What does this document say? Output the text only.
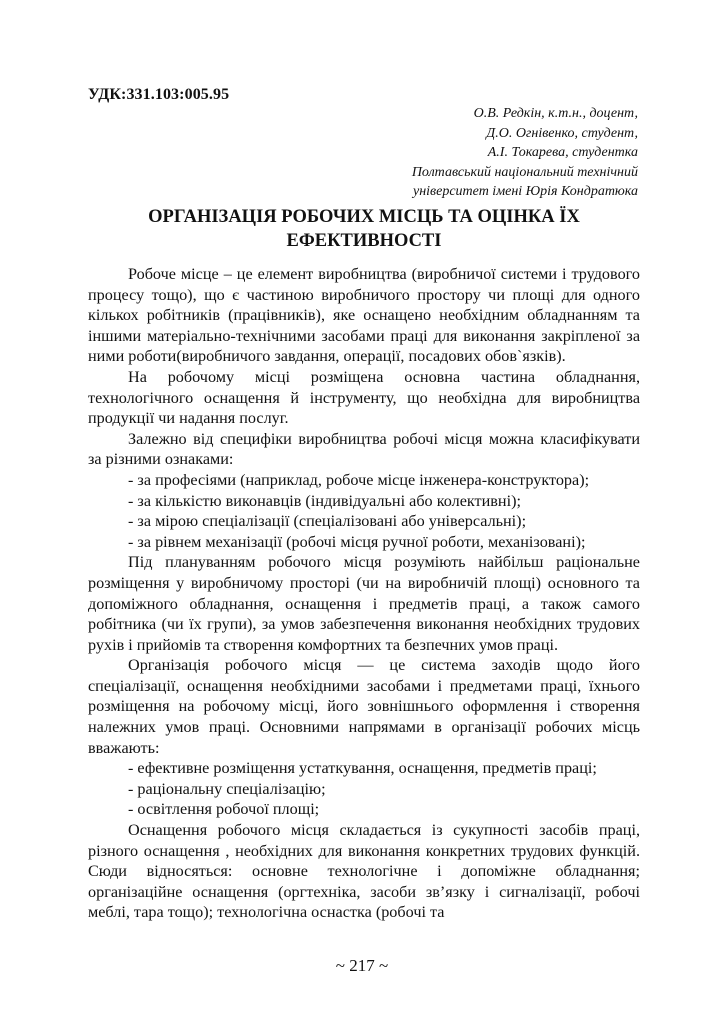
УДК:331.103:005.95
О.В. Редкін, к.т.н., доцент,
Д.О. Огнівенко, студент,
А.І. Токарева, студентка
Полтавський національний технічний
університет імені Юрія Кондратюка
ОРГАНІЗАЦІЯ РОБОЧИХ МІСЦЬ ТА ОЦІНКА ЇХ ЕФЕКТИВНОСТІ

Робоче місце – це елемент виробництва (виробничої системи і трудового процесу тощо), що є частиною виробничого простору чи площі для одного кількох робітників (працівників), яке оснащено необхідним обладнанням та іншими матеріально-технічними засобами праці для виконання закріпленої за ними роботи(виробничого завдання, операції, посадових обов`язків).

На робочому місці розміщена основна частина обладнання, технологічного оснащення й інструменту, що необхідна для виробництва продукції чи надання послуг.

Залежно від специфіки виробництва робочі місця можна класифікувати за різними ознаками:

- за професіями (наприклад, робоче місце інженера-конструктора);

- за кількістю виконавців (індивідуальні або колективні);

- за мірою спеціалізації (спеціалізовані або універсальні);

- за рівнем механізації (робочі місця ручної роботи, механізовані);

Під плануванням робочого місця розуміють найбільш раціональне розміщення у виробничому просторі (чи на виробничій площі) основного та допоміжного обладнання, оснащення і предметів праці, а також самого робітника (чи їх групи), за умов забезпечення виконання необхідних трудових рухів і прийомів та створення комфортних та безпечних умов праці.

Організація робочого місця — це система заходів щодо його спеціалізації, оснащення необхідними засобами і предметами праці, їхнього розміщення на робочому місці, його зовнішнього оформлення і створення належних умов праці. Основними напрямами в організації робочих місць вважають:

- ефективне розміщення устаткування, оснащення, предметів праці;

- раціональну спеціалізацію;

- освітлення робочої площі;

Оснащення робочого місця складається із сукупності засобів праці, різного оснащення , необхідних для виконання конкретних трудових функцій. Сюди відносяться: основне технологічне і допоміжне обладнання; організаційне оснащення (оргтехніка, засоби зв’язку і сигналізації, робочі меблі, тара тощо); технологічна оснастка (робочі та

~ 217 ~
